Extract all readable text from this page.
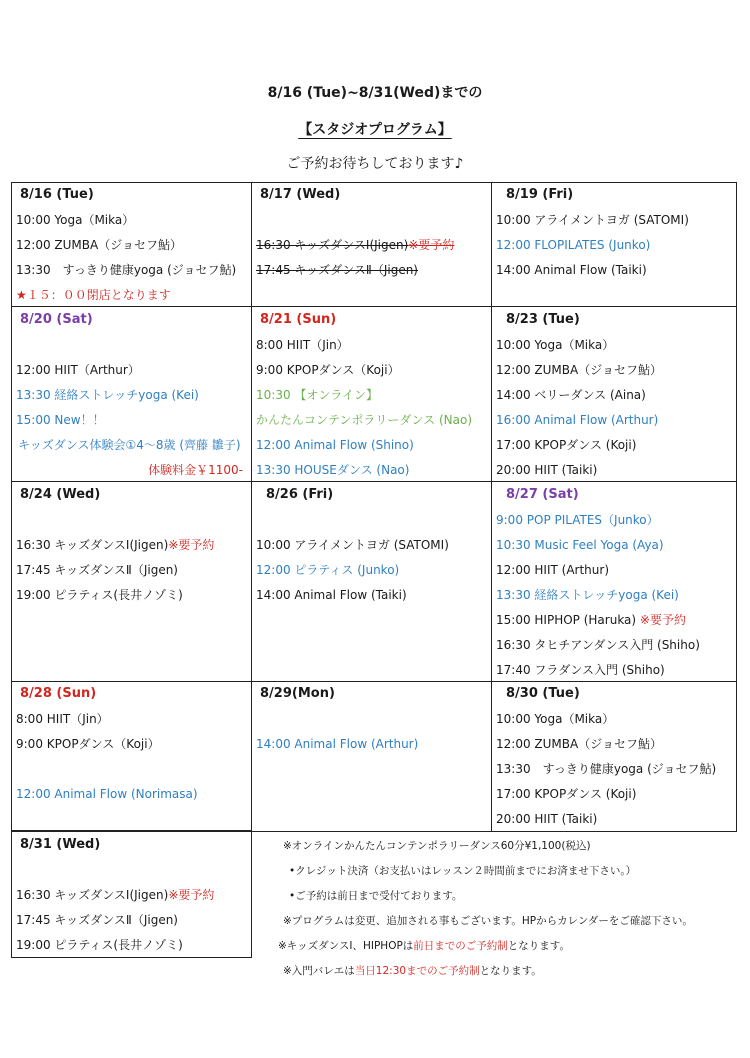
8/16 (Tue)~8/31(Wed)までの
【スタジオプログラム】
ご予約お待ちしております♪
8/16 (Tue)
10:00 Yoga（Mika）
12:00 ZUMBA（ジョセフ鮎）
13:30　すっきり健康yoga (ジョセフ鮎)
★１５：００閉店となります
8/17 (Wed)
16:30 キッズダンスⅠ(Jigen)※要予約
17:45 キッズダンスⅡ（Jigen)
8/19 (Fri)
10:00 アライメントヨガ (SATOMI)
12:00 FLOPILATES (Junko)
14:00 Animal Flow (Taiki)
8/20 (Sat)
12:00 HIIT（Arthur）
13:30 経絡ストレッチyoga (Kei)
15:00 New！！
キッズダンス体験会①4～8歳 (齊藤 雛子)
体験料金￥1100-
8/21 (Sun)
8:00 HIIT（Jin）
9:00 KPOPダンス（Koji）
10:30 【オンライン】
かんたんコンテンポラリーダンス (Nao)
12:00 Animal Flow (Shino)
13:30 HOUSEダンス (Nao)
8/23 (Tue)
10:00 Yoga（Mika）
12:00 ZUMBA（ジョセフ鮎）
14:00 ベリーダンス (Aina)
16:00 Animal Flow (Arthur)
17:00 KPOPダンス (Koji)
20:00 HIIT (Taiki)
8/24 (Wed)
16:30 キッズダンスⅠ(Jigen)※要予約
17:45 キッズダンスⅡ（Jigen)
19:00 ピラティス(長井ノゾミ)
8/26 (Fri)
10:00 アライメントヨガ (SATOMI)
12:00 ピラティス (Junko)
14:00 Animal Flow (Taiki)
8/27 (Sat)
9:00 POP PILATES（Junko）
10:30 Music Feel Yoga (Aya)
12:00 HIIT (Arthur)
13:30 経絡ストレッチyoga (Kei)
15:00 HIPHOP (Haruka) ※要予約
16:30 タヒチアンダンス入門 (Shiho)
17:40 フラダンス入門 (Shiho)
8/28 (Sun)
8:00 HIIT（Jin）
9:00 KPOPダンス（Koji）
12:00 Animal Flow (Norimasa)
8/29(Mon)
14:00 Animal Flow (Arthur)
8/30 (Tue)
10:00 Yoga（Mika）
12:00 ZUMBA（ジョセフ鮎）
13:30　すっきり健康yoga (ジョセフ鮎)
17:00 KPOPダンス (Koji)
20:00 HIIT (Taiki)
8/31 (Wed)
16:30 キッズダンスⅠ(Jigen)※要予約
17:45 キッズダンスⅡ（Jigen)
19:00 ピラティス(長井ノゾミ)
※オンラインかんたんコンテンポラリーダンス60分¥1,100(税込)
•クレジット決済（お支払いはレッスン２時間前までにお済ませ下さい。）
•ご予約は前日まで受付ております。
※プログラムは変更、追加される事もございます。HPからカレンダーをご確認下さい。
※キッズダンスⅠ、HIPHOPは前日までのご予約制となります。
※入門バレエは当日12:30までのご予約制となります。
